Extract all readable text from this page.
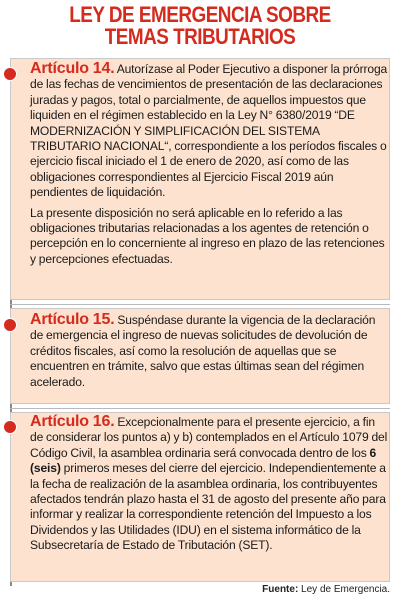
LEY DE EMERGENCIA SOBRE
TEMAS TRIBUTARIOS

Artículo 14. Autorízase al Poder Ejecutivo a disponer la prórroga de las fechas de vencimientos de presentación de las declaraciones juradas y pagos, total o parcialmente, de aquellos impuestos que liquiden en el régimen establecido en la Ley N° 6380/2019 “DE MODERNIZACIÓN Y SIMPLIFICACIÓN DEL SISTEMA TRIBUTARIO NACIONAL“, correspondiente a los períodos fiscales o ejercicio fiscal iniciado el 1 de enero de 2020, así como de las obligaciones correspondientes al Ejercicio Fiscal 2019 aún pendientes de liquidación.

La presente disposición no será aplicable en lo referido a las obligaciones tributarias relacionadas a los agentes de retención o percepción en lo concerniente al ingreso en plazo de las retenciones y percepciones efectuadas.

Artículo 15. Suspéndase durante la vigencia de la declaración de emergencia el ingreso de nuevas solicitudes de devolución de créditos fiscales, así como la resolución de aquellas que se encuentren en trámite, salvo que estas últimas sean del régimen acelerado.

Artículo 16. Excepcionalmente para el presente ejercicio, a fin de considerar los puntos a) y b) contemplados en el Artículo 1079 del Código Civil, la asamblea ordinaria será convocada dentro de los 6 (seis) primeros meses del cierre del ejercicio. Independientemente a la fecha de realización de la asamblea ordinaria, los contribuyentes afectados tendrán plazo hasta el 31 de agosto del presente año para informar y realizar la correspondiente retención del Impuesto a los Dividendos y las Utilidades (IDU) en el sistema informático de la Subsecretaría de Estado de Tributación (SET).

Fuente: Ley de Emergencia.
